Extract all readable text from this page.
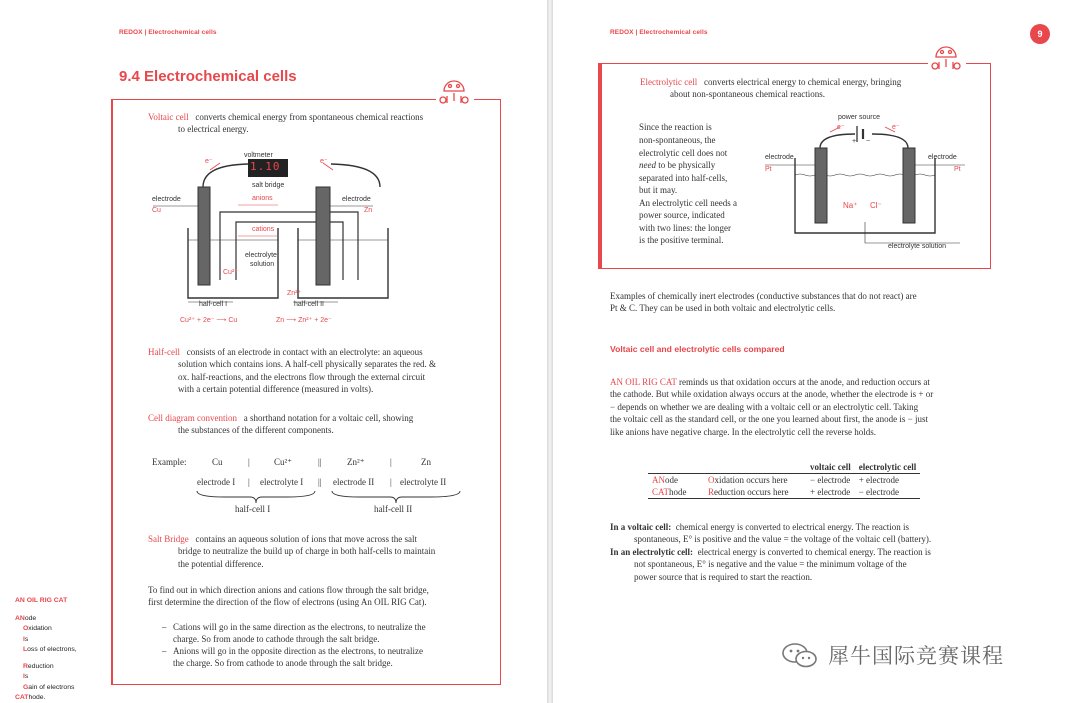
REDOX | Electrochemical cells
9.4 Electrochemical cells
Voltaic cell converts chemical energy from spontaneous chemical reactions
to electrical energy.
voltmeter
1.10
e⁻	e⁻
salt bridge
anions
cations
electrolyte
solution
electrode
Cu
electrode
Zn
Cu²⁺
Zn²⁺
half-cell I	half-cell II
Cu²⁺ + 2e⁻ ⟶ Cu	Zn ⟶ Zn²⁺ + 2e⁻
Half-cell consists of an electrode in contact with an electrolyte: an aqueous
solution which contains ions. A half-cell physically separates the red. &
ox. half-reactions, and the electrons flow through the external circuit
with a certain potential difference (measured in volts).
Cell diagram convention a shorthand notation for a voltaic cell, showing
the substances of the different components.
Example:	Cu	|	Cu²⁺	||	Zn²⁺	|	Zn
electrode I | electrolyte I || electrode II | electrolyte II
half-cell I	half-cell II
Salt Bridge contains an aqueous solution of ions that move across the salt
bridge to neutralize the build up of charge in both half-cells to maintain
the potential difference.
To find out in which direction anions and cations flow through the salt bridge,
first determine the direction of the flow of electrons (using An OIL RIG Cat).
– Cations will go in the same direction as the electrons, to neutralize the
charge. So from anode to cathode through the salt bridge.
– Anions will go in the opposite direction as the electrons, to neutralize
the charge. So from cathode to anode through the salt bridge.
AN OIL RIG CAT
ANode
Oxidation
Is
Loss of electrons,
Reduction
Is
Gain of electrons
CAThode.
REDOX | Electrochemical cells	9
Electrolytic cell converts electrical energy to chemical energy, bringing
about non-spontaneous chemical reactions.
Since the reaction is
non-spontaneous, the
electrolytic cell does not
need to be physically
separated into half-cells,
but it may.
An electrolytic cell needs a
power source, indicated
with two lines: the longer
is the positive terminal.
power source
e⁻	e⁻
+ −
electrode
Pt
electrode
Pt
Na⁺ Cl⁻
electrolyte solution
Examples of chemically inert electrodes (conductive substances that do not react) are
Pt & C. They can be used in both voltaic and electrolytic cells.
Voltaic cell and electrolytic cells compared
AN OIL RIG CAT reminds us that oxidation occurs at the anode, and reduction occurs at
the cathode. But while oxidation always occurs at the anode, whether the electrode is + or
− depends on whether we are dealing with a voltaic cell or an electrolytic cell. Taking
the voltaic cell as the standard cell, or the one you learned about first, the anode is − just
like anions have negative charge. In the electrolytic cell the reverse holds.
		voltaic cell	electrolytic cell
ANode	Oxidation occurs here	− electrode	+ electrode
CAThode	Reduction occurs here	+ electrode	− electrode
In a voltaic cell: chemical energy is converted to electrical energy. The reaction is
spontaneous, E° is positive and the value = the voltage of the voltaic cell (battery).
In an electrolytic cell: electrical energy is converted to chemical energy. The reaction is
not spontaneous, E° is negative and the value = the minimum voltage of the
power source that is required to start the reaction.
犀牛国际竞赛课程
